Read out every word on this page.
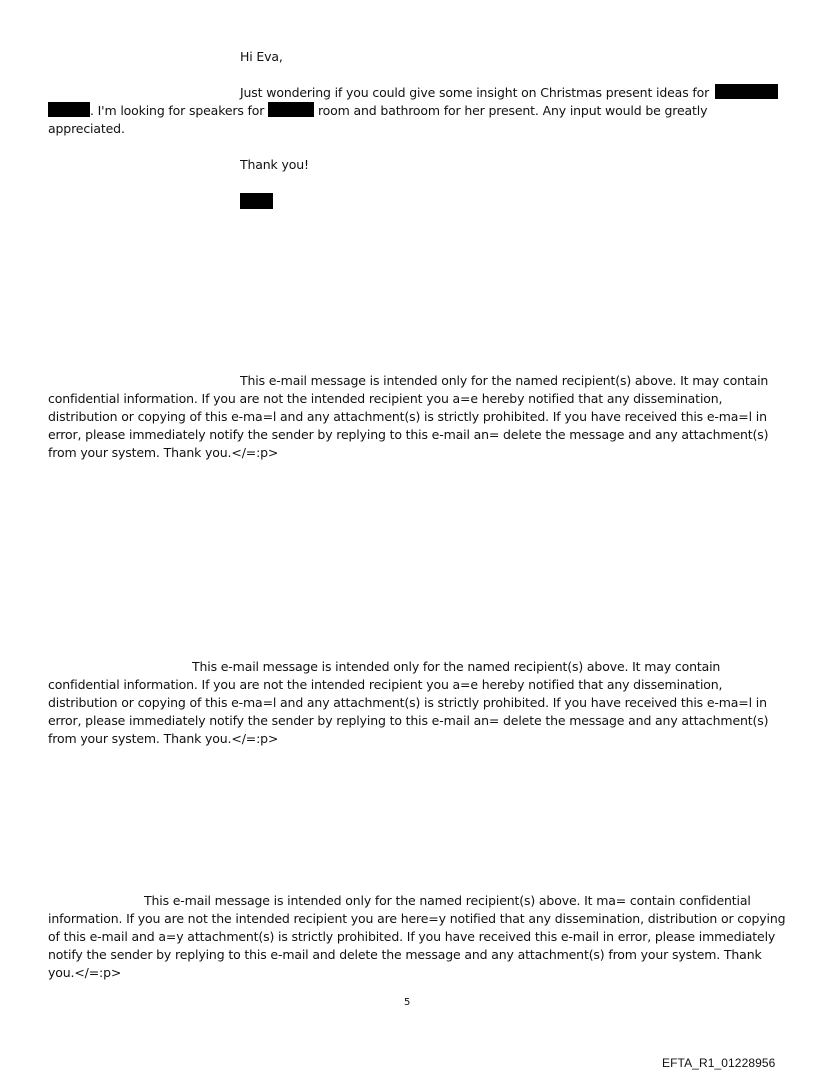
Hi Eva,
Just wondering if you could give some insight on Christmas present ideas for
. I'm looking for speakers for	room and bathroom for her present. Any input would be greatly
appreciated.
Thank you!
This e-mail message is intended only for the named recipient(s) above. It may contain
confidential information. If you are not the intended recipient you a=e hereby notified that any dissemination,
distribution or copying of this e-ma=l and any attachment(s) is strictly prohibited. If you have received this e-ma=l in
error, please immediately notify the sender by replying to this e-mail an= delete the message and any attachment(s)
from your system. Thank you.</=:p>
This e-mail message is intended only for the named recipient(s) above. It may contain
confidential information. If you are not the intended recipient you a=e hereby notified that any dissemination,
distribution or copying of this e-ma=l and any attachment(s) is strictly prohibited. If you have received this e-ma=l in
error, please immediately notify the sender by replying to this e-mail an= delete the message and any attachment(s)
from your system. Thank you.</=:p>
This e-mail message is intended only for the named recipient(s) above. It ma= contain confidential
information. If you are not the intended recipient you are here=y notified that any dissemination, distribution or copying
of this e-mail and a=y attachment(s) is strictly prohibited. If you have received this e-mail in error, please immediately
notify the sender by replying to this e-mail and delete the message and any attachment(s) from your system. Thank
you.</=:p>
5
EFTA_R1_01228956
